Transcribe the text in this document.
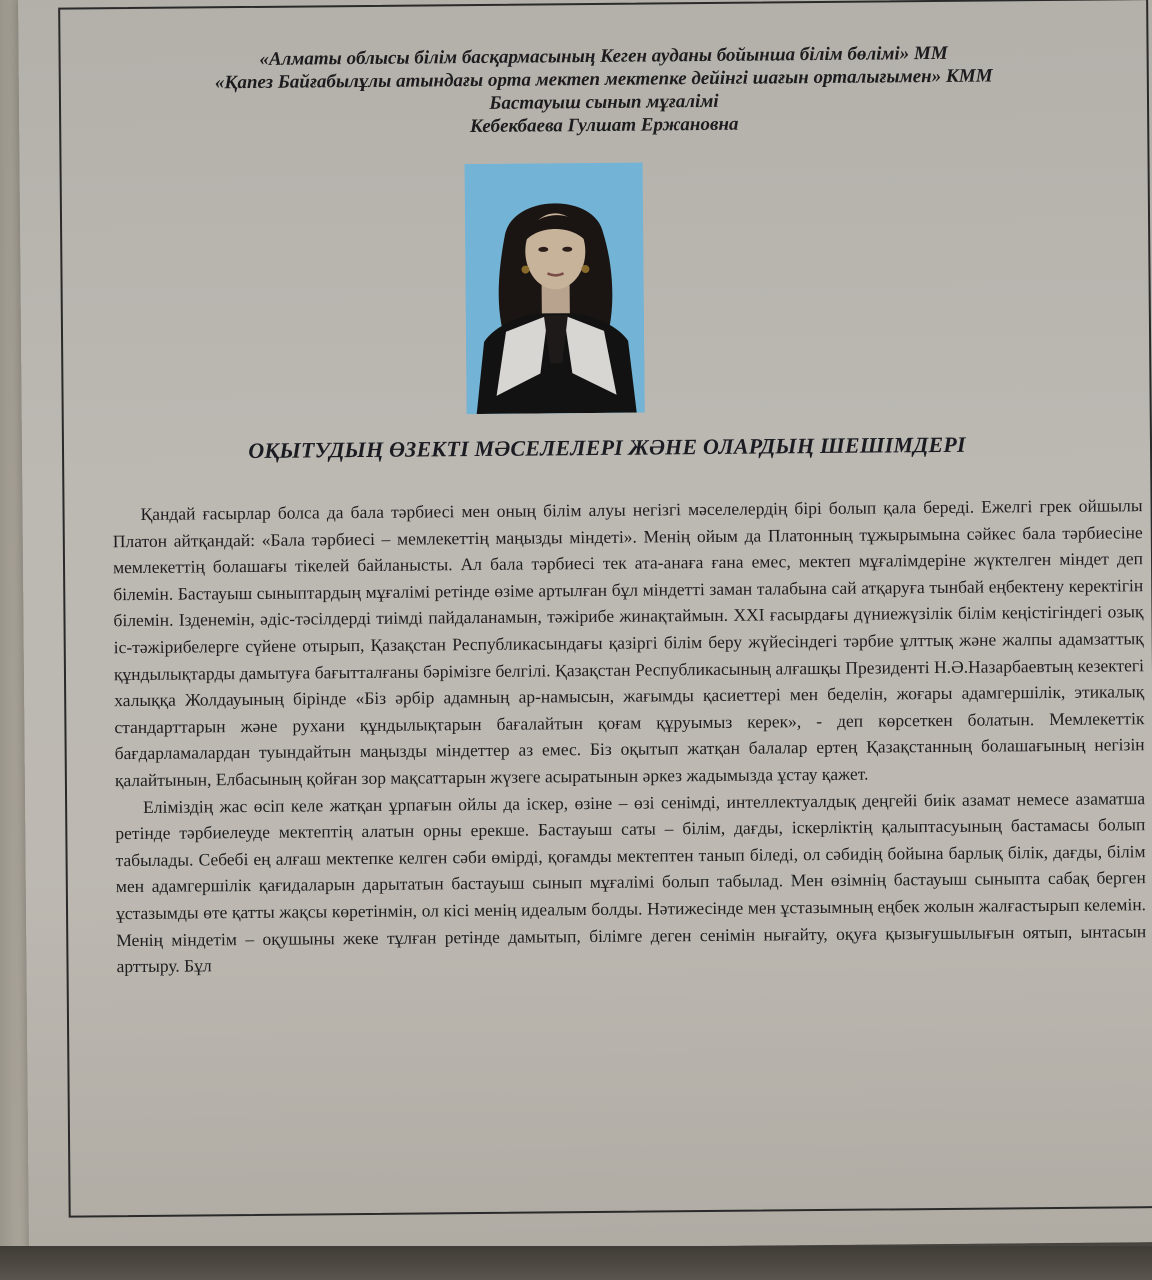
«Алматы облысы білім басқармасының Кеген ауданы бойынша білім бөлімі» ММ
«Қапез Байғабылұлы атындағы орта мектеп мектепке дейінгі шағын орталығымен» КММ
Бастауыш сынып мұғалімі
Кебекбаева Гулшат Ержановна
ОҚЫТУДЫҢ ӨЗЕКТІ МӘСЕЛЕЛЕРІ ЖӘНЕ ОЛАРДЫҢ ШЕШІМДЕРІ

Қандай ғасырлар болса да бала тәрбиесі мен оның білім алуы негізгі мәселелердің бірі болып қала береді. Ежелгі грек ойшылы Платон айтқандай: «Бала тәрбиесі – мемлекеттің маңызды міндеті». Менің ойым да Платонның тұжырымына сәйкес бала тәрбиесіне мемлекеттің болашағы тікелей байланысты. Ал бала тәрбиесі тек ата-анаға ғана емес, мектеп мұғалімдеріне жүктелген міндет деп білемін. Бастауыш сыныптардың мұғалімі ретінде өзіме артылған бұл міндетті заман талабына сай атқаруға тынбай еңбектену керектігін білемін. Ізденемін, әдіс-тәсілдерді тиімді пайдаланамын, тәжірибе жинақтаймын. XXI ғасырдағы дүниежүзілік білім кеңістігіндегі озық іс-тәжірибелерге сүйене отырып, Қазақстан Республикасындағы қазіргі білім беру жүйесіндегі тәрбие ұлттық және жалпы адамзаттық құндылықтарды дамытуға бағытталғаны бәрімізге белгілі. Қазақстан Республикасының алғашқы Президенті Н.Ә.Назарбаевтың кезектегі халыққа Жолдауының бірінде «Біз әрбір адамның ар-намысын, жағымды қасиеттері мен беделін, жоғары адамгершілік, этикалық стандарттарын және рухани құндылықтарын бағалайтын қоғам құруымыз керек», - деп көрсеткен болатын. Мемлекеттік бағдарламалардан туындайтын маңызды міндеттер аз емес. Біз оқытып жатқан балалар ертең Қазақстанның болашағының негізін қалайтынын, Елбасының қойған зор мақсаттарын жүзеге асыратынын әркез жадымызда ұстау қажет.

Еліміздің жас өсіп келе жатқан ұрпағын ойлы да іскер, өзіне – өзі сенімді, интеллектуалдық деңгейі биік азамат немесе азаматша ретінде тәрбиелеуде мектептің алатын орны ерекше. Бастауыш саты – білім, дағды, іскерліктің қалыптасуының бастамасы болып табылады. Себебі ең алғаш мектепке келген сәби өмірді, қоғамды мектептен танып біледі, ол сәбидің бойына барлық білік, дағды, білім мен адамгершілік қағидаларын дарытатын бастауыш сынып мұғалімі болып табылад. Мен өзімнің бастауыш сыныпта сабақ берген ұстазымды өте қатты жақсы көретінмін, ол кісі менің идеалым болды. Нәтижесінде мен ұстазымның еңбек жолын жалғастырып келемін. Менің міндетім – оқушыны жеке тұлған ретінде дамытып, білімге деген сенімін нығайту, оқуға қызығушылығын оятып, ынтасын арттыру. Бұл
